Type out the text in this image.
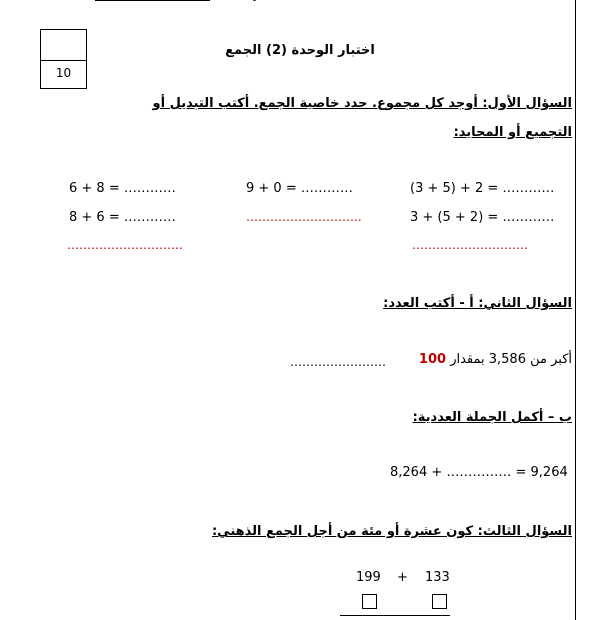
10
اختبار الوحدة (2) الجمع
السؤال الأول: أوجد كل مجموع. حدد خاصية الجمع. أكتب التبديل أو
التجميع أو المحايد:
6 + 8 = …………
8 + 6 = …………
………………………..
9 + 0 = …………
………………………..
(3 + 5) + 2 = …………
3 + (5 + 2) = …………
………………………..
السؤال الثاني: أ - أكتب العدد:
أكبر من 3,586 بمقدار 100
……………………
ب – أكمل الجملة العددية:
8,264 + …………… = 9,264
السؤال الثالث: كون عشرة أو مئة من أجل الجمع الذهني:
199 + 133
